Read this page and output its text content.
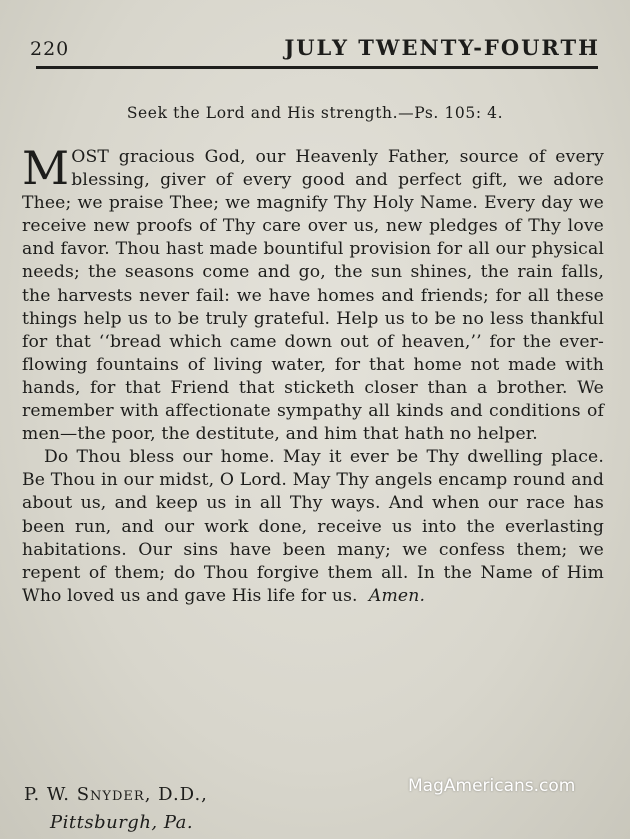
220	JULY TWENTY-FOURTH
Seek the Lord and His strength.—Ps. 105: 4.

MOST gracious God, our Heavenly Father, source of every blessing, giver of every good and perfect gift, we adore Thee; we praise Thee; we magnify Thy Holy Name. Every day we receive new proofs of Thy care over us, new pledges of Thy love and favor. Thou hast made bountiful provision for all our physical needs; the seasons come and go, the sun shines, the rain falls, the harvests never fail: we have homes and friends; for all these things help us to be truly grateful. Help us to be no less thankful for that ‘‘bread which came down out of heaven,’’ for the ever-flowing fountains of living water, for that home not made with hands, for that Friend that sticketh closer than a brother. We remember with affectionate sympathy all kinds and conditions of men—the poor, the destitute, and him that hath no helper.

Do Thou bless our home. May it ever be Thy dwelling place. Be Thou in our midst, O Lord. May Thy angels encamp round and about us, and keep us in all Thy ways. And when our race has been run, and our work done, receive us into the everlasting habitations. Our sins have been many; we confess them; we repent of them; do Thou forgive them all. In the Name of Him Who loved us and gave His life for us. Amen.

P. W. Snyder, D.D.,
Pittsburgh, Pa.
MagAmericans.com
